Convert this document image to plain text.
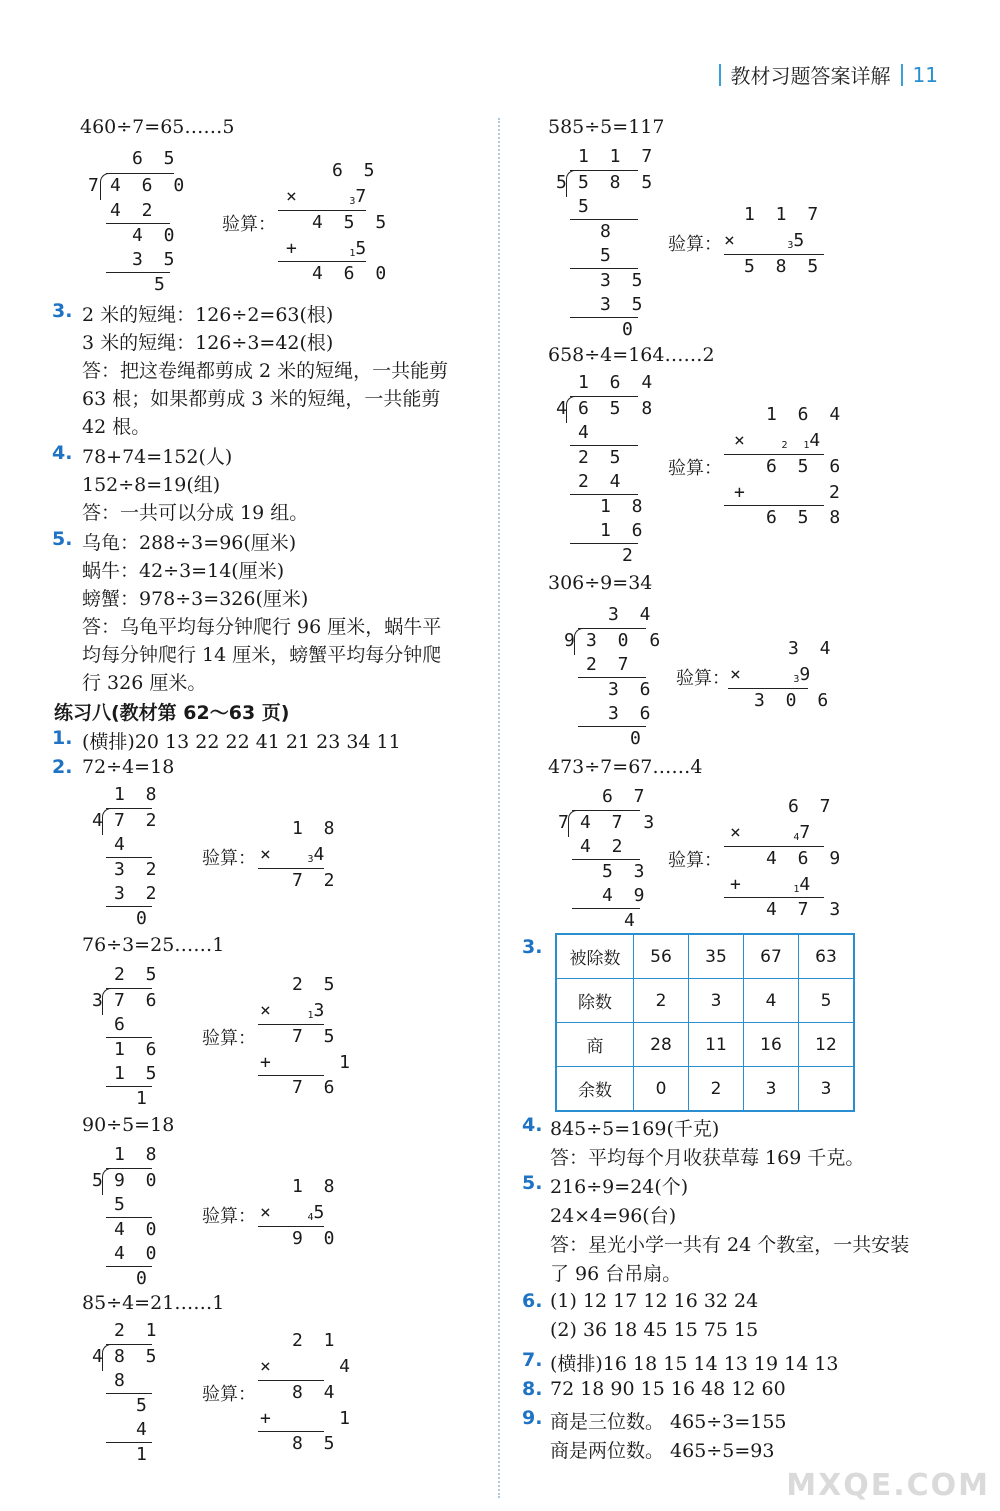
教材习题答案详解 11
460÷7=65……5
6 5
7 4 6 0
4 2
4 0
3 5
5
6 5
×   $_3$7
验算： 4 5 5
+   $_1$5
4 6 0
3. 2 米的短绳：126÷2=63(根)
3 米的短绳：126÷3=42(根)
答：把这卷绳都剪成 2 米的短绳，一共能剪
63 根；如果都剪成 3 米的短绳，一共能剪
42 根。
4. 78+74=152(人)
152÷8=19(组)
答：一共可以分成 19 组。
5. 乌龟：288÷3=96(厘米)
蜗牛：42÷3=14(厘米)
螃蟹：978÷3=326(厘米)
答：乌龟平均每分钟爬行 96 厘米，蜗牛平
均每分钟爬行 14 厘米，螃蟹平均每分钟爬
行 326 厘米。
练习八(教材第 62～63 页)
1. (横排)20 13 22 22 41 21 23 34 11
2. 72÷4=18
1 8
4 7 2
4
3 2
3 2
0
1 8
验算： ×  $_3$4
7 2
76÷3=25……1
2 5
3 7 6
6
1 6
1 5
1
2 5
×  $_1$3
验算： 7 5
+    1
7 6
90÷5=18
1 8
5 9 0
5
4 0
4 0
0
1 8
验算： ×  $_4$5
9 0
85÷4=21……1
2 1
4 8 5
8
5
4
1
2 1
×    4
验算： 8 4
+    1
8 5
585÷5=117
1 1 7
5 5 8 5
5
8
5
3 5
3 5
0
1 1 7
验算： ×   $_3$5
5 8 5
658÷4=164……2
1 6 4
4 6 5 8
4
2 5
2 4
1 8
1 6
2
1 6 4
×  $_2$ $_1$4
验算： 6 5 6
+     2
6 5 8
306÷9=34
3 4
9 3 0 6
2 7
3 6
3 6
0
3 4
验算： ×   $_3$9
3 0 6
473÷7=67……4
6 7
7 4 7 3
4 2
5 3
4 9
4
6 7
×   $_4$7
验算： 4 6 9
+   $_1$4
4 7 3
3.
被除数	56	35	67	63
除数	2	3	4	5
商	28	11	16	12
余数	0	2	3	3
4. 845÷5=169(千克)
答：平均每个月收获草莓 169 千克。
5. 216÷9=24(个)
24×4=96(台)
答：星光小学一共有 24 个教室，一共安装
了 96 台吊扇。
6. (1) 12 17 12 16 32 24
(2) 36 18 45 15 75 15
7. (横排)16 18 15 14 13 19 14 13
8. 72 18 90 15 16 48 12 60
9. 商是三位数。 465÷3=155
商是两位数。 465÷5=93
MXQE.COM
